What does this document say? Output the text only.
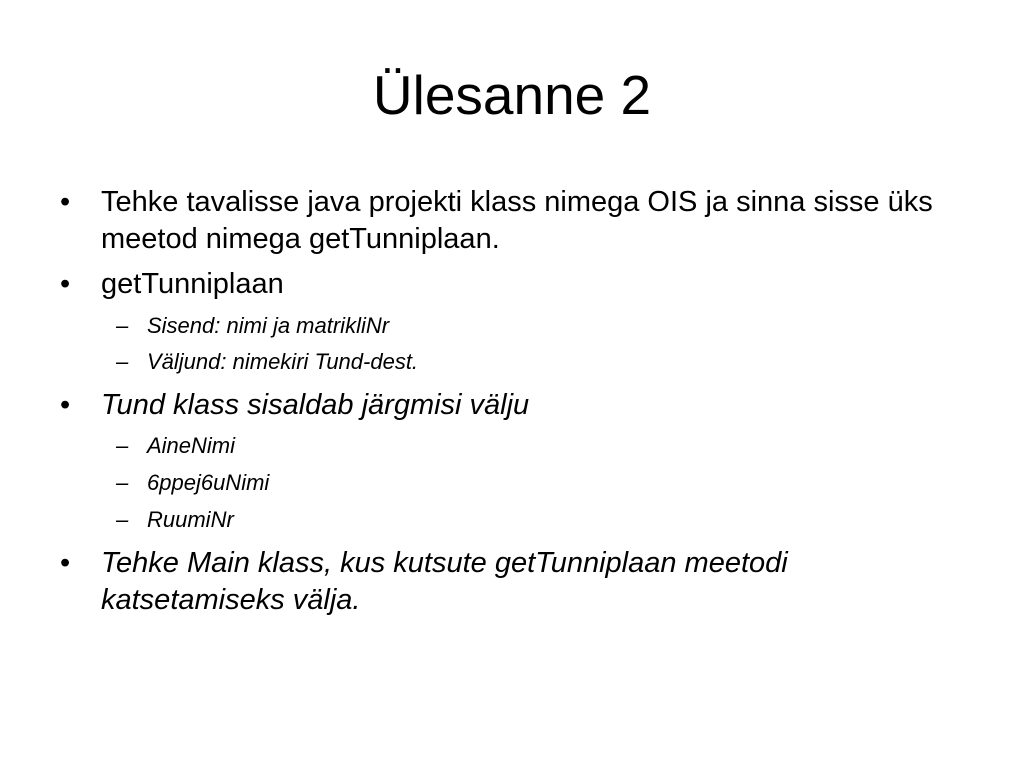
Ülesanne 2
•	Tehke tavalisse java projekti klass nimega OIS ja sinna sisse üks meetod nimega getTunniplaan.
•	getTunniplaan
– Sisend: nimi ja matrikliNr
– Väljund: nimekiri Tund-dest.
•	Tund klass sisaldab järgmisi välju
– AineNimi
– 6ppej6uNimi
– RuumiNr
•	Tehke Main klass, kus kutsute getTunniplaan meetodi katsetamiseks välja.
